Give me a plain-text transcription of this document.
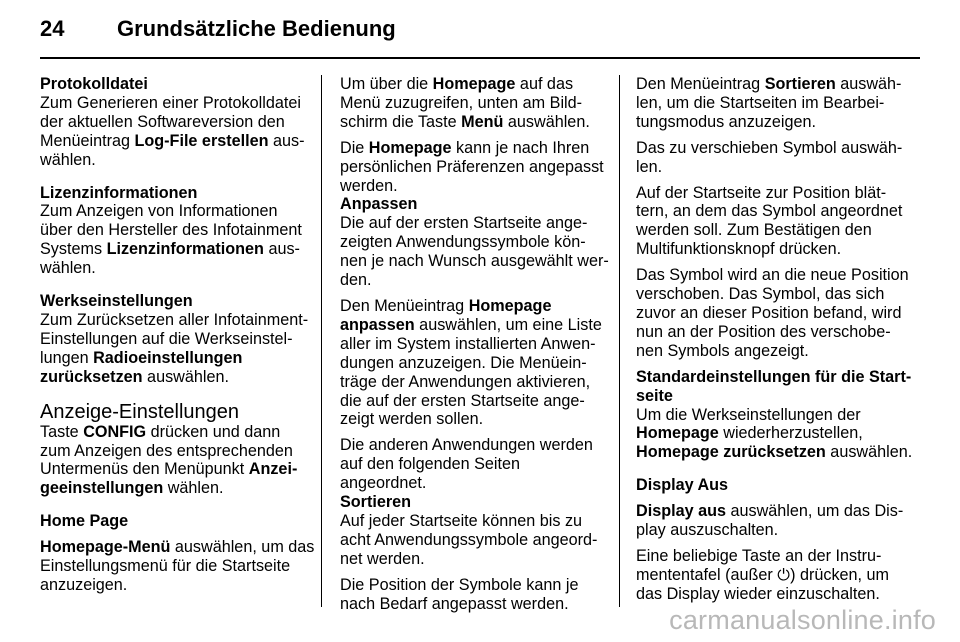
24 Grundsätzliche Bedienung
Protokolldatei
Zum Generieren einer Protokolldatei
der aktuellen Softwareversion den
Menüeintrag Log-File erstellen aus-
wählen.
Lizenzinformationen
Zum Anzeigen von Informationen
über den Hersteller des Infotainment
Systems Lizenzinformationen aus-
wählen.
Werkseinstellungen
Zum Zurücksetzen aller Infotainment-
Einstellungen auf die Werkseinstel-
lungen Radioeinstellungen
zurücksetzen auswählen.
Anzeige-Einstellungen
Taste CONFIG drücken und dann
zum Anzeigen des entsprechenden
Untermenüs den Menüpunkt Anzei-
geeinstellungen wählen.
Home Page
Homepage-Menü auswählen, um das
Einstellungsmenü für die Startseite
anzuzeigen.
Um über die Homepage auf das
Menü zuzugreifen, unten am Bild-
schirm die Taste Menü auswählen.
Die Homepage kann je nach Ihren
persönlichen Präferenzen angepasst
werden.
Anpassen
Die auf der ersten Startseite ange-
zeigten Anwendungssymbole kön-
nen je nach Wunsch ausgewählt wer-
den.
Den Menüeintrag Homepage
anpassen auswählen, um eine Liste
aller im System installierten Anwen-
dungen anzuzeigen. Die Menüein-
träge der Anwendungen aktivieren,
die auf der ersten Startseite ange-
zeigt werden sollen.
Die anderen Anwendungen werden
auf den folgenden Seiten angeordnet.
Sortieren
Auf jeder Startseite können bis zu
acht Anwendungssymbole angeord-
net werden.
Die Position der Symbole kann je
nach Bedarf angepasst werden.
Den Menüeintrag Sortieren auswäh-
len, um die Startseiten im Bearbei-
tungsmodus anzuzeigen.
Das zu verschieben Symbol auswäh-
len.
Auf der Startseite zur Position blät-
tern, an dem das Symbol angeordnet
werden soll. Zum Bestätigen den
Multifunktionsknopf drücken.
Das Symbol wird an die neue Position
verschoben. Das Symbol, das sich
zuvor an dieser Position befand, wird
nun an der Position des verschobe-
nen Symbols angezeigt.
Standardeinstellungen für die Start-
seite
Um die Werkseinstellungen der
Homepage wiederherzustellen,
Homepage zurücksetzen auswählen.
Display Aus
Display aus auswählen, um das Dis-
play auszuschalten.
Eine beliebige Taste an der Instru-
mententafel (außer ⏻) drücken, um
das Display wieder einzuschalten.
carmanualsonline.info
